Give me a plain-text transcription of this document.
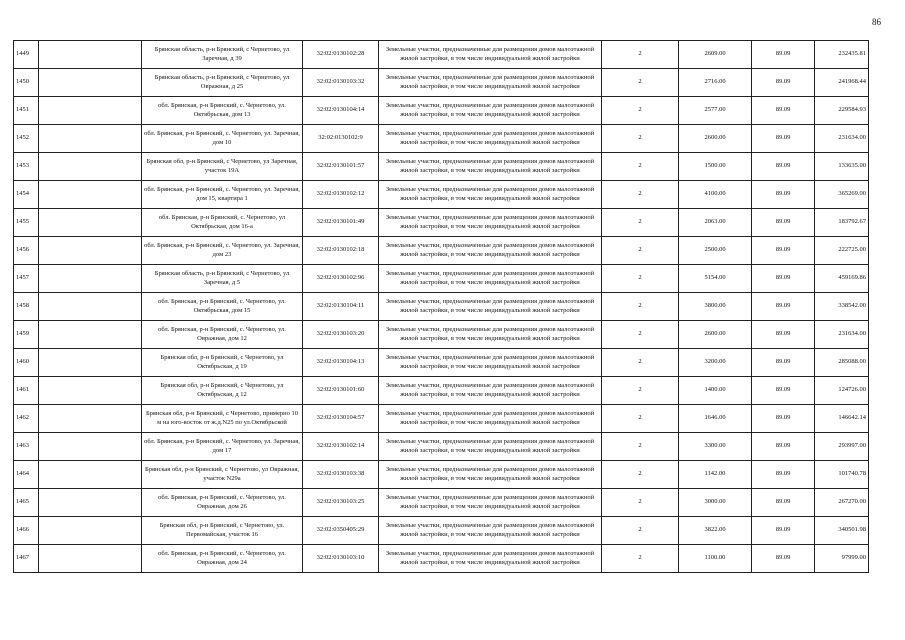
86
1449		Брянская область, р-н Брянский, с Чернетово, ул Заречная, д 39	32:02:0130102:28	Земельные участки, предназначенные для размещения домов малоэтажной жилой застройки, в том числе индивидуальной жилой застройки	2	2609.00	89.09	232435.81
1450		Брянская область, р-н Брянский, с Чернетово, ул Овражная, д 25	32:02:0130103:32	Земельные участки, предназначенные для размещения домов малоэтажной жилой застройки, в том числе индивидуальной жилой застройки	2	2716.00	89.09	241968.44
1451		обл. Брянская, р-н Брянский, с. Чернетово, ул. Октябрьская, дом 13	32:02:0130104:14	Земельные участки, предназначенные для размещения домов малоэтажной жилой застройки, в том числе индивидуальной жилой застройки	2	2577.00	89.09	229584.93
1452		обл. Брянская, р-н Брянский, с. Чернетово, ул. Заречная, дом 10	32:02:0130102:9	Земельные участки, предназначенные для размещения домов малоэтажной жилой застройки, в том числе индивидуальной жилой застройки	2	2600.00	89.09	231634.00
1453		Брянская обл, р-н Брянский, с Чернетово, ул Заречная, участок 19А	32:02:0130101:57	Земельные участки, предназначенные для размещения домов малоэтажной жилой застройки, в том числе индивидуальной жилой застройки	2	1500.00	89.09	133635.00
1454		обл. Брянская, р-н Брянский, с. Чернетово, ул. Заречная, дом 15, квартира 1	32:02:0130102:12	Земельные участки, предназначенные для размещения домов малоэтажной жилой застройки, в том числе индивидуальной жилой застройки	2	4100.00	89.09	365269.00
1455		обл. Брянская, р-н Брянский, с. Чернетово, ул Октябрьская, дом 16-а	32:02:0130101:49	Земельные участки, предназначенные для размещения домов малоэтажной жилой застройки, в том числе индивидуальной жилой застройки	2	2063.00	89.09	183792.67
1456		обл. Брянская, р-н Брянский, с. Чернетово, ул. Заречная, дом 23	32:02:0130102:18	Земельные участки, предназначенные для размещения домов малоэтажной жилой застройки, в том числе индивидуальной жилой застройки	2	2500.00	89.09	222725.00
1457		Брянская область, р-н Брянский, с Чернетово, ул Заречная, д 5	32:02:0130102:96	Земельные участки, предназначенные для размещения домов малоэтажной жилой застройки, в том числе индивидуальной жилой застройки	2	5154.00	89.09	459169.86
1458		обл. Брянская, р-н Брянский, с. Чернетово, ул. Октябрьская, дом 15	32:02:0130104:11	Земельные участки, предназначенные для размещения домов малоэтажной жилой застройки, в том числе индивидуальной жилой застройки	2	3800.00	89.09	338542.00
1459		обл. Брянская, р-н Брянский, с. Чернетово, ул. Овражная, дом 12	32:02:0130103:20	Земельные участки, предназначенные для размещения домов малоэтажной жилой застройки, в том числе индивидуальной жилой застройки	2	2600.00	89.09	231634.00
1460		Брянская обл, р-н Брянский, с Чернетово, ул Октябрьская, д 19	32:02:0130104:13	Земельные участки, предназначенные для размещения домов малоэтажной жилой застройки, в том числе индивидуальной жилой застройки	2	3200.00	89.09	285088.00
1461		Брянская обл, р-н Брянский, с Чернетово, ул Октябрьская, д 12	32:02:0130101:60	Земельные участки, предназначенные для размещения домов малоэтажной жилой застройки, в том числе индивидуальной жилой застройки	2	1400.00	89.09	124726.00
1462		Брянская обл, р-н Брянский, с Чернетово, примерно 10 м на юго-восток от ж.д.N25 по ул.Октябрьской	32:02:0130104:57	Земельные участки, предназначенные для размещения домов малоэтажной жилой застройки, в том числе индивидуальной жилой застройки	2	1646.00	89.09	146642.14
1463		обл. Брянская, р-н Брянский, с. Чернетово, ул. Заречная, дом 17	32:02:0130102:14	Земельные участки, предназначенные для размещения домов малоэтажной жилой застройки, в том числе индивидуальной жилой застройки	2	3300.00	89.09	293997.00
1464		Брянская обл, р-н Брянский, с Чернетово, ул Овражная, участок N29а	32:02:0130103:38	Земельные участки, предназначенные для размещения домов малоэтажной жилой застройки, в том числе индивидуальной жилой застройки	2	1142.00	89.09	101740.78
1465		обл. Брянская, р-н Брянский, с. Чернетово, ул. Овражная, дом 26	32:02:0130103:25	Земельные участки, предназначенные для размещения домов малоэтажной жилой застройки, в том числе индивидуальной жилой застройки	2	3000.00	89.09	267270.00
1466		Брянская обл, р-н Брянский, с Чернетово, ул. Первомайская, участок 16	32:02:0350405:29	Земельные участки, предназначенные для размещения домов малоэтажной жилой застройки, в том числе индивидуальной жилой застройки	2	3822.00	89.09	340501.98
1467		обл. Брянская, р-н Брянский, с. Чернетово, ул. Овражная, дом 24	32:02:0130103:10	Земельные участки, предназначенные для размещения домов малоэтажной жилой застройки, в том числе индивидуальной жилой застройки	2	1100.00	89.09	97999.00
